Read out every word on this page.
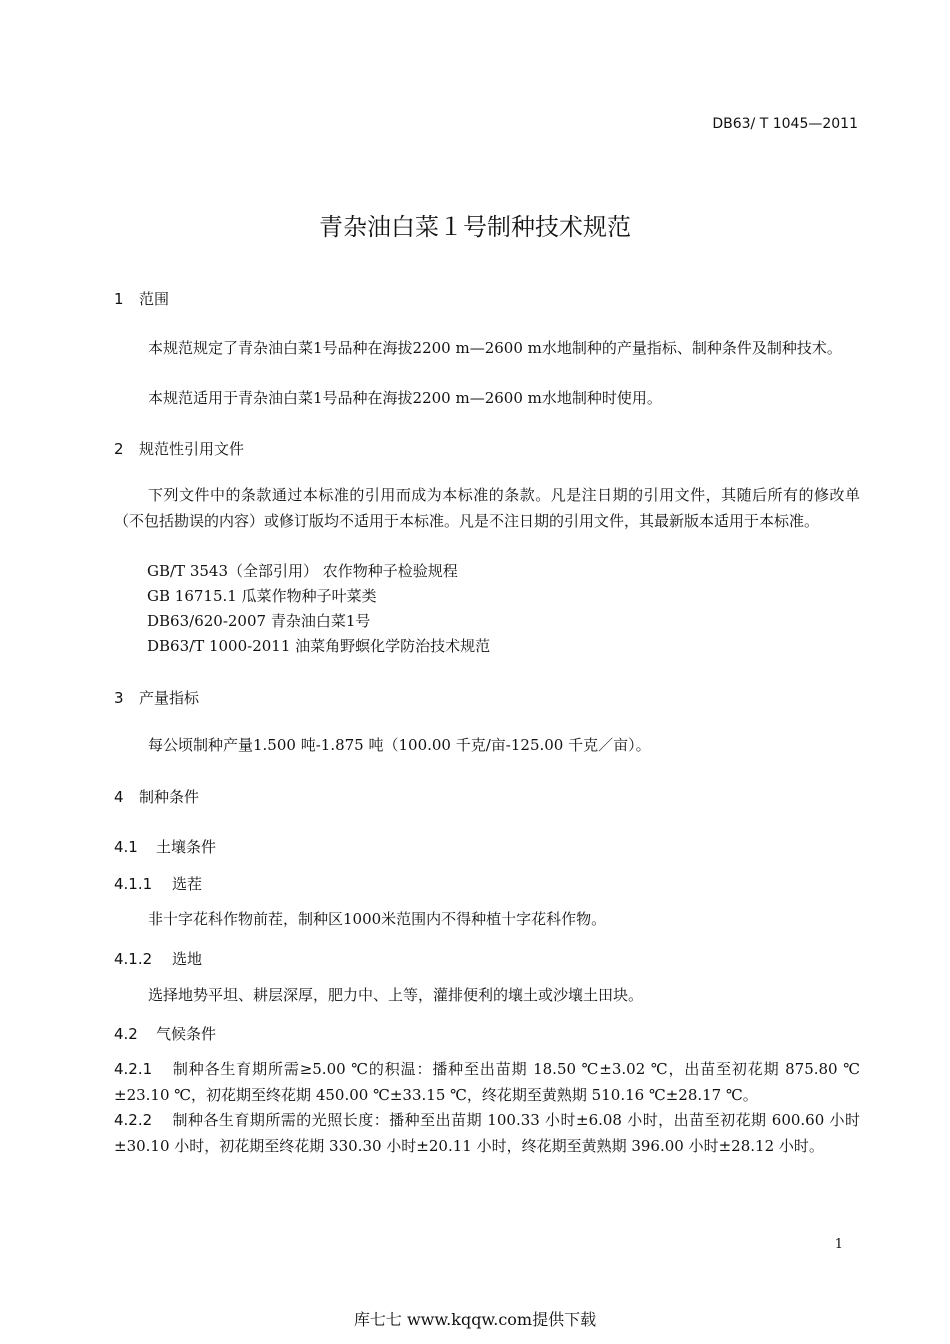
DB63/ T 1045—2011
青杂油白菜１号制种技术规范
1 范围
本规范规定了青杂油白菜1号品种在海拔2200 m—2600 m水地制种的产量指标、制种条件及制种技术。
本规范适用于青杂油白菜1号品种在海拔2200 m—2600 m水地制种时使用。
2 规范性引用文件
下列文件中的条款通过本标准的引用而成为本标准的条款。凡是注日期的引用文件，其随后所有的修改单（不包括勘误的内容）或修订版均不适用于本标准。凡是不注日期的引用文件，其最新版本适用于本标准。
GB/T 3543（全部引用） 农作物种子检验规程
GB 16715.1 瓜菜作物种子叶菜类
DB63/620-2007 青杂油白菜1号
DB63/T 1000-2011 油菜角野螟化学防治技术规范
3 产量指标
每公顷制种产量1.500 吨-1.875 吨（100.00 千克/亩-125.00 千克／亩）。
4 制种条件
4.1 土壤条件
4.1.1 选茬
非十字花科作物前茬，制种区1000米范围内不得种植十字花科作物。
4.1.2 选地
选择地势平坦、耕层深厚，肥力中、上等，灌排便利的壤土或沙壤土田块。
4.2 气候条件
4.2.1 制种各生育期所需≥5.00 ℃的积温：播种至出苗期 18.50 ℃±3.02 ℃，出苗至初花期 875.80 ℃±23.10 ℃，初花期至终花期 450.00 ℃±33.15 ℃，终花期至黄熟期 510.16 ℃±28.17 ℃。
4.2.2 制种各生育期所需的光照长度：播种至出苗期 100.33 小时±6.08 小时，出苗至初花期 600.60 小时±30.10 小时，初花期至终花期 330.30 小时±20.11 小时，终花期至黄熟期 396.00 小时±28.12 小时。
1
库七七 www.kqqw.com提供下载
